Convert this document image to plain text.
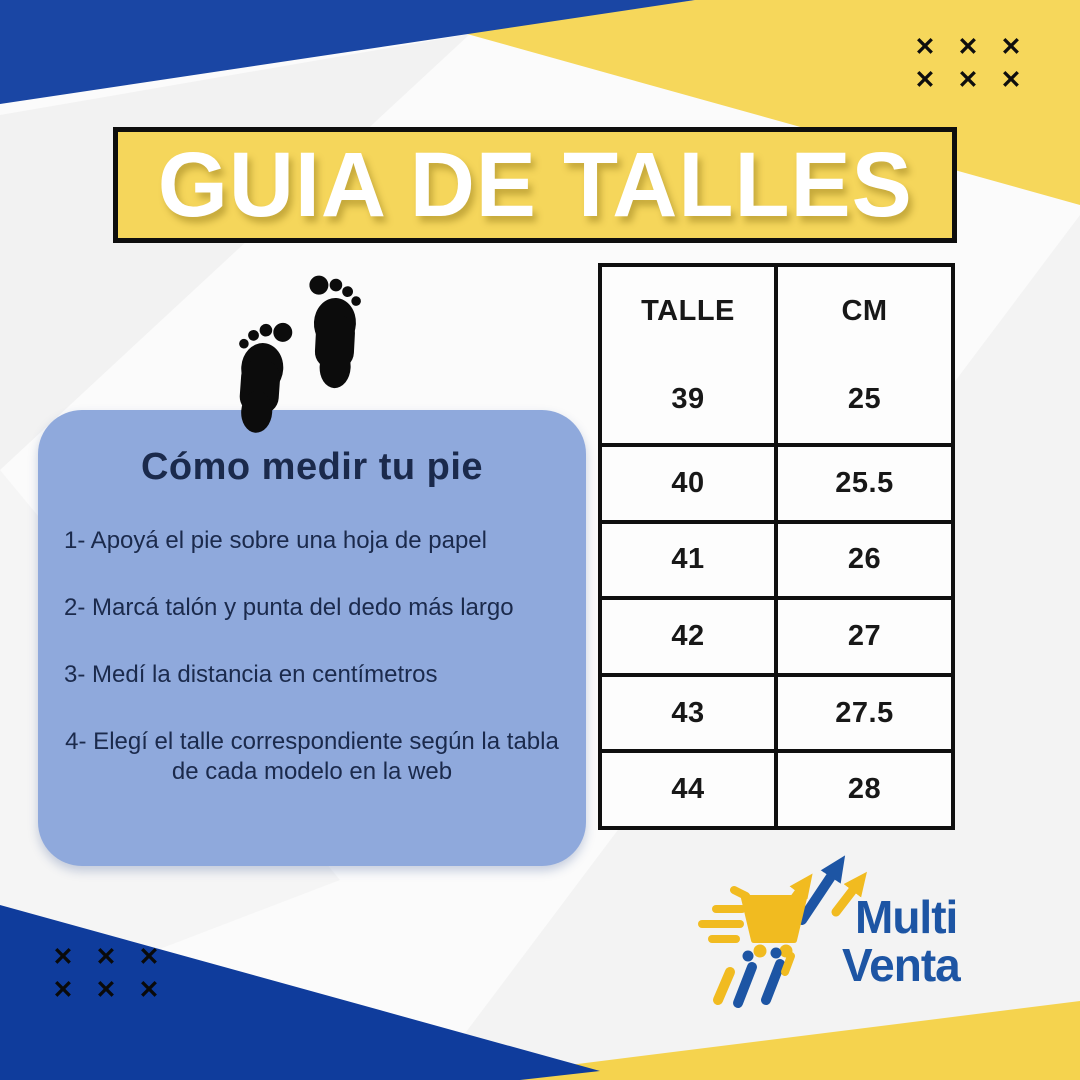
✕ ✕ ✕
✕ ✕ ✕
✕ ✕ ✕
✕ ✕ ✕
GUIA DE TALLES
Cómo medir tu pie
1- Apoyá el pie sobre una hoja de papel
2- Marcá talón y punta del dedo más largo
3- Medí la distancia en centímetros
4- Elegí el talle correspondiente según la tabla de cada modelo en la web
TALLE	CM
39	25
40	25.5
41	26
42	27
43	27.5
44	28
Multi
Venta
